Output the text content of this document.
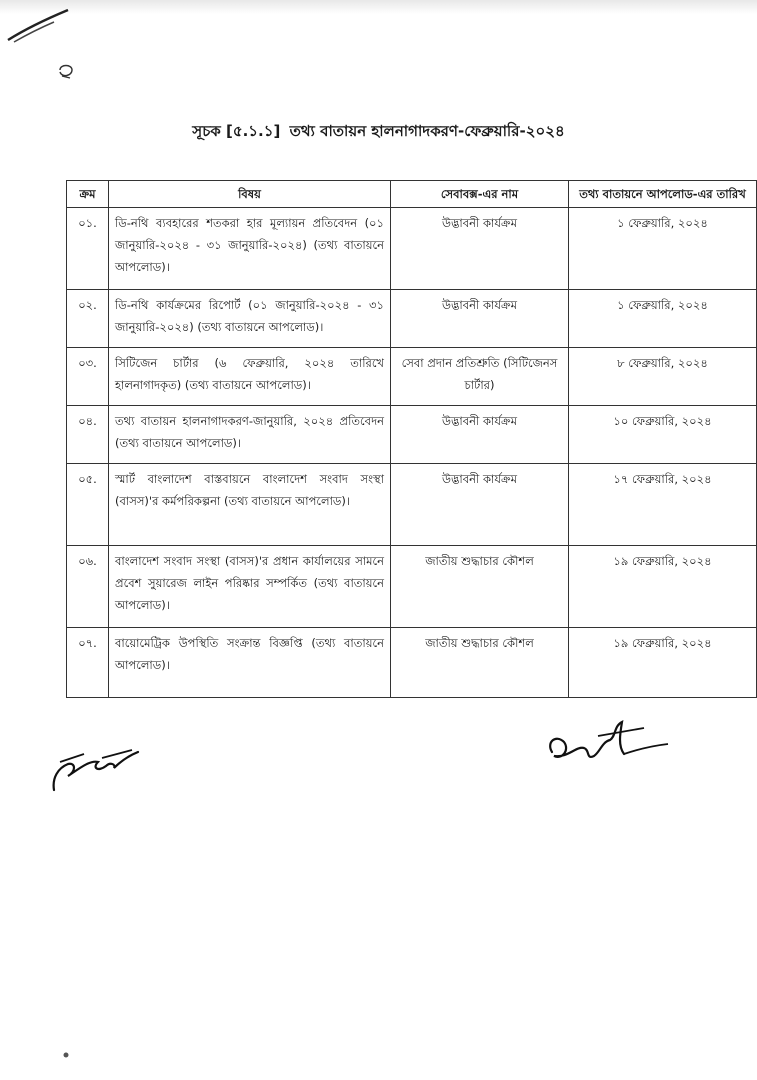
সূচক [৫.১.১] তথ্য বাতায়ন হালনাগাদকরণ-ফেব্রুয়ারি-২০২৪
ক্রম	বিষয়	সেবাবক্স-এর নাম	তথ্য বাতায়নে আপলোড-এর তারিখ
০১.	ডি-নথি ব্যবহারের শতকরা হার মূল্যায়ন প্রতিবেদন (০১ জানুয়ারি-২০২৪ - ৩১ জানুয়ারি-২০২৪) (তথ্য বাতায়নে আপলোড)।	উদ্ভাবনী কার্যক্রম	১ ফেব্রুয়ারি, ২০২৪
০২.	ডি-নথি কার্যক্রমের রিপোর্ট (০১ জানুয়ারি-২০২৪ - ৩১ জানুয়ারি-২০২৪) (তথ্য বাতায়নে আপলোড)।	উদ্ভাবনী কার্যক্রম	১ ফেব্রুয়ারি, ২০২৪
০৩.	সিটিজেন চার্টার (৬ ফেব্রুয়ারি, ২০২৪ তারিখে হালনাগাদকৃত) (তথ্য বাতায়নে আপলোড)।	সেবা প্রদান প্রতিশ্রুতি (সিটিজেনস চার্টার)	৮ ফেব্রুয়ারি, ২০২৪
০৪.	তথ্য বাতায়ন হালনাগাদকরণ-জানুয়ারি, ২০২৪ প্রতিবেদন (তথ্য বাতায়নে আপলোড)।	উদ্ভাবনী কার্যক্রম	১০ ফেব্রুয়ারি, ২০২৪
০৫.	স্মার্ট বাংলাদেশ বাস্তবায়নে বাংলাদেশ সংবাদ সংস্থা (বাসস)'র কর্মপরিকল্পনা (তথ্য বাতায়নে আপলোড)।	উদ্ভাবনী কার্যক্রম	১৭ ফেব্রুয়ারি, ২০২৪
০৬.	বাংলাদেশ সংবাদ সংস্থা (বাসস)'র প্রধান কার্যালয়ের সামনে প্রবেশ সুয়ারেজ লাইন পরিষ্কার সম্পর্কিত (তথ্য বাতায়নে আপলোড)।	জাতীয় শুদ্ধাচার কৌশল	১৯ ফেব্রুয়ারি, ২০২৪
০৭.	বায়োমেট্রিক উপস্থিতি সংক্রান্ত বিজ্ঞপ্তি (তথ্য বাতায়নে আপলোড)।	জাতীয় শুদ্ধাচার কৌশল	১৯ ফেব্রুয়ারি, ২০২৪
